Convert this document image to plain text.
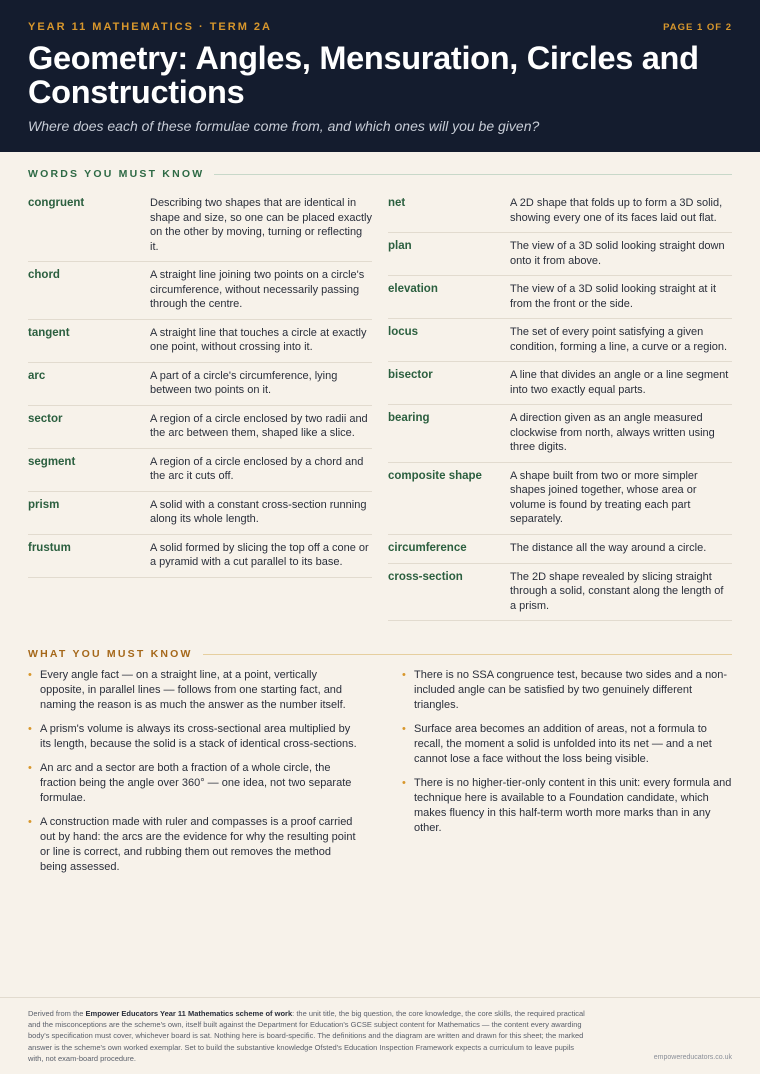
YEAR 11 MATHEMATICS · TERM 2A	PAGE 1 OF 2
Geometry: Angles, Mensuration, Circles and Constructions

Where does each of these formulae come from, and which ones will you be given?

WORDS YOU MUST KNOW
congruent	Describing two shapes that are identical in shape and size, so one can be placed exactly on the other by moving, turning or reflecting it.
chord	A straight line joining two points on a circle's circumference, without necessarily passing through the centre.
tangent	A straight line that touches a circle at exactly one point, without crossing into it.
arc	A part of a circle's circumference, lying between two points on it.
sector	A region of a circle enclosed by two radii and the arc between them, shaped like a slice.
segment	A region of a circle enclosed by a chord and the arc it cuts off.
prism	A solid with a constant cross-section running along its whole length.
frustum	A solid formed by slicing the top off a cone or a pyramid with a cut parallel to its base.
net	A 2D shape that folds up to form a 3D solid, showing every one of its faces laid out flat.
plan	The view of a 3D solid looking straight down onto it from above.
elevation	The view of a 3D solid looking straight at it from the front or the side.
locus	The set of every point satisfying a given condition, forming a line, a curve or a region.
bisector	A line that divides an angle or a line segment into two exactly equal parts.
bearing	A direction given as an angle measured clockwise from north, always written using three digits.
composite shape	A shape built from two or more simpler shapes joined together, whose area or volume is found by treating each part separately.
circumference	The distance all the way around a circle.
cross-section	The 2D shape revealed by slicing straight through a solid, constant along the length of a prism.
WHAT YOU MUST KNOW
• Every angle fact — on a straight line, at a point, vertically opposite, in parallel lines — follows from one starting fact, and naming the reason is as much the answer as the number itself.
• A prism's volume is always its cross-sectional area multiplied by its length, because the solid is a stack of identical cross-sections.
• An arc and a sector are both a fraction of a whole circle, the fraction being the angle over 360° — one idea, not two separate formulae.
• A construction made with ruler and compasses is a proof carried out by hand: the arcs are the evidence for why the resulting point or line is correct, and rubbing them out removes the method being assessed.
• There is no SSA congruence test, because two sides and a non-included angle can be satisfied by two genuinely different triangles.
• Surface area becomes an addition of areas, not a formula to recall, the moment a solid is unfolded into its net — and a net cannot lose a face without the loss being visible.
• There is no higher-tier-only content in this unit: every formula and technique here is available to a Foundation candidate, which makes fluency in this half-term worth more marks than in any other.

Derived from the Empower Educators Year 11 Mathematics scheme of work: the unit title, the big question, the core knowledge, the core skills, the required practical and the misconceptions are the scheme's own, itself built against the Department for Education's GCSE subject content for Mathematics — the content every awarding body's specification must cover, whichever board is sat. Nothing here is board-specific. The definitions and the diagram are written and drawn for this sheet; the marked answer is the scheme's own worked exemplar. Set to build the substantive knowledge Ofsted's Education Inspection Framework expects a curriculum to leave pupils with, not exam-board procedure.	empowereducators.co.uk
